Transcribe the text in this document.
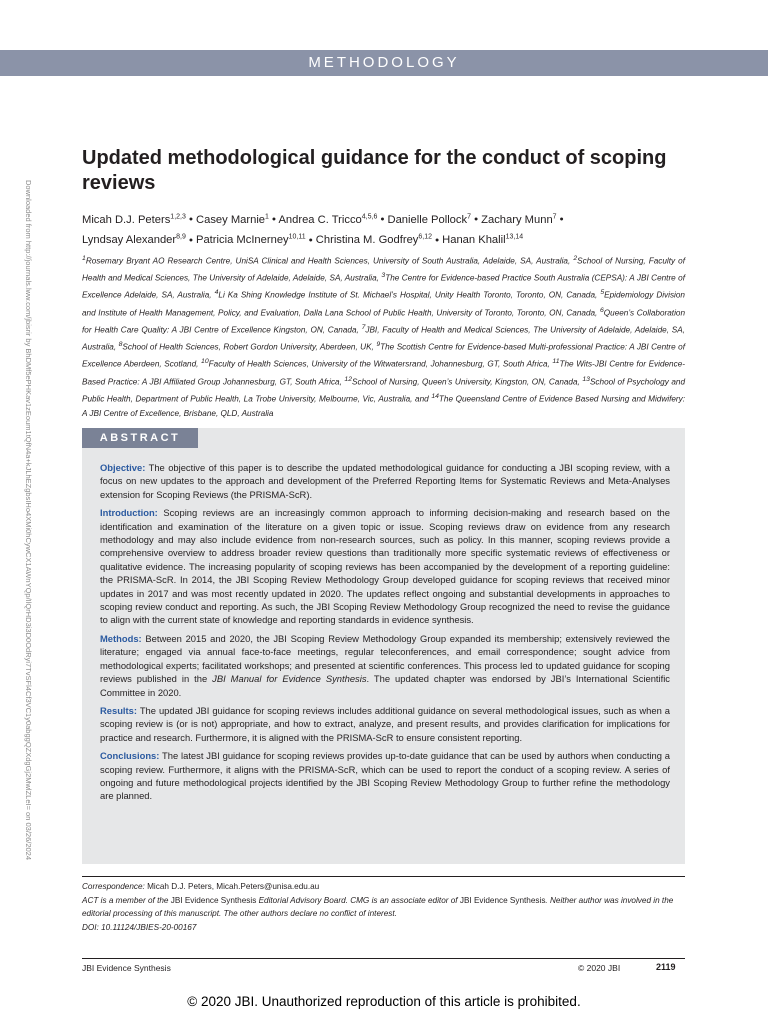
METHODOLOGY
Downloaded from http://journals.lww.com/jbisrir by BhDMf5ePHKav1zEoum1tQfN4a+kJLhEZgbsIHo4XMi0hCywCX1AWnYQp/IlQrHD3i3D0OdRyi7TvSFl4Cf3VC1y0abggQZXdgGj2MwlZLeI= on 03/26/2024
Updated methodological guidance for the conduct of scoping reviews
Micah D.J. Peters$^{1,2,3}$ • Casey Marnie$^1$ • Andrea C. Tricco$^{4,5,6}$ • Danielle Pollock$^7$ • Zachary Munn$^7$ •
Lyndsay Alexander$^{8,9}$ • Patricia McInerney$^{10,11}$ • Christina M. Godfrey$^{6,12}$ • Hanan Khalil$^{13,14}$
$^1$Rosemary Bryant AO Research Centre, UniSA Clinical and Health Sciences, University of South Australia, Adelaide, SA, Australia, $^2$School of Nursing, Faculty of Health and Medical Sciences, The University of Adelaide, Adelaide, SA, Australia, $^3$The Centre for Evidence-based Practice South Australia (CEPSA): A JBI Centre of Excellence Adelaide, SA, Australia, $^4$Li Ka Shing Knowledge Institute of St. Michael’s Hospital, Unity Health Toronto, Toronto, ON, Canada, $^5$Epidemiology Division and Institute of Health Management, Policy, and Evaluation, Dalla Lana School of Public Health, University of Toronto, Toronto, ON, Canada, $^6$Queen’s Collaboration for Health Care Quality: A JBI Centre of Excellence Kingston, ON, Canada, $^7$JBI, Faculty of Health and Medical Sciences, The University of Adelaide, Adelaide, SA, Australia, $^8$School of Health Sciences, Robert Gordon University, Aberdeen, UK, $^9$The Scottish Centre for Evidence-based Multi-professional Practice: A JBI Centre of Excellence Aberdeen, Scotland, $^{10}$Faculty of Health Sciences, University of the Witwatersrand, Johannesburg, GT, South Africa, $^{11}$The Wits-JBI Centre for Evidence-Based Practice: A JBI Affiliated Group Johannesburg, GT, South Africa, $^{12}$School of Nursing, Queen’s University, Kingston, ON, Canada, $^{13}$School of Psychology and Public Health, Department of Public Health, La Trobe University, Melbourne, Vic, Australia, and $^{14}$The Queensland Centre of Evidence Based Nursing and Midwifery: A JBI Centre of Excellence, Brisbane, QLD, Australia
ABSTRACT

Objective: The objective of this paper is to describe the updated methodological guidance for conducting a JBI scoping review, with a focus on new updates to the approach and development of the Preferred Reporting Items for Systematic Reviews and Meta-Analyses extension for Scoping Reviews (the PRISMA-ScR).

Introduction: Scoping reviews are an increasingly common approach to informing decision-making and research based on the identification and examination of the literature on a given topic or issue. Scoping reviews draw on evidence from any research methodology and may also include evidence from non-research sources, such as policy. In this manner, scoping reviews provide a comprehensive overview to address broader review questions than traditionally more specific systematic reviews of effectiveness or qualitative evidence. The increasing popularity of scoping reviews has been accompanied by the development of a reporting guideline: the PRISMA-ScR. In 2014, the JBI Scoping Review Methodology Group developed guidance for scoping reviews that received minor updates in 2017 and was most recently updated in 2020. The updates reflect ongoing and substantial developments in approaches to scoping review conduct and reporting. As such, the JBI Scoping Review Methodology Group recognized the need to revise the guidance to align with the current state of knowledge and reporting standards in evidence synthesis.

Methods: Between 2015 and 2020, the JBI Scoping Review Methodology Group expanded its membership; extensively reviewed the literature; engaged via annual face-to-face meetings, regular teleconferences, and email correspondence; sought advice from methodological experts; facilitated workshops; and presented at scientific conferences. This process led to updated guidance for scoping reviews published in the JBI Manual for Evidence Synthesis. The updated chapter was endorsed by JBI’s International Scientific Committee in 2020.

Results: The updated JBI guidance for scoping reviews includes additional guidance on several methodological issues, such as when a scoping review is (or is not) appropriate, and how to extract, analyze, and present results, and provides clarification for implications for practice and research. Furthermore, it is aligned with the PRISMA-ScR to ensure consistent reporting.

Conclusions: The latest JBI guidance for scoping reviews provides up-to-date guidance that can be used by authors when conducting a scoping review. Furthermore, it aligns with the PRISMA-ScR, which can be used to report the conduct of a scoping review. A series of ongoing and future methodological projects identified by the JBI Scoping Review Methodology Group to further refine the methodology are planned.

Correspondence: Micah D.J. Peters, Micah.Peters@unisa.edu.au

ACT is a member of the JBI Evidence Synthesis Editorial Advisory Board. CMG is an associate editor of JBI Evidence Synthesis. Neither author was involved in the editorial processing of this manuscript. The other authors declare no conflict of interest.

DOI: 10.11124/JBIES-20-00167

JBI Evidence Synthesis	© 2020 JBI	2119
© 2020 JBI. Unauthorized reproduction of this article is prohibited.
